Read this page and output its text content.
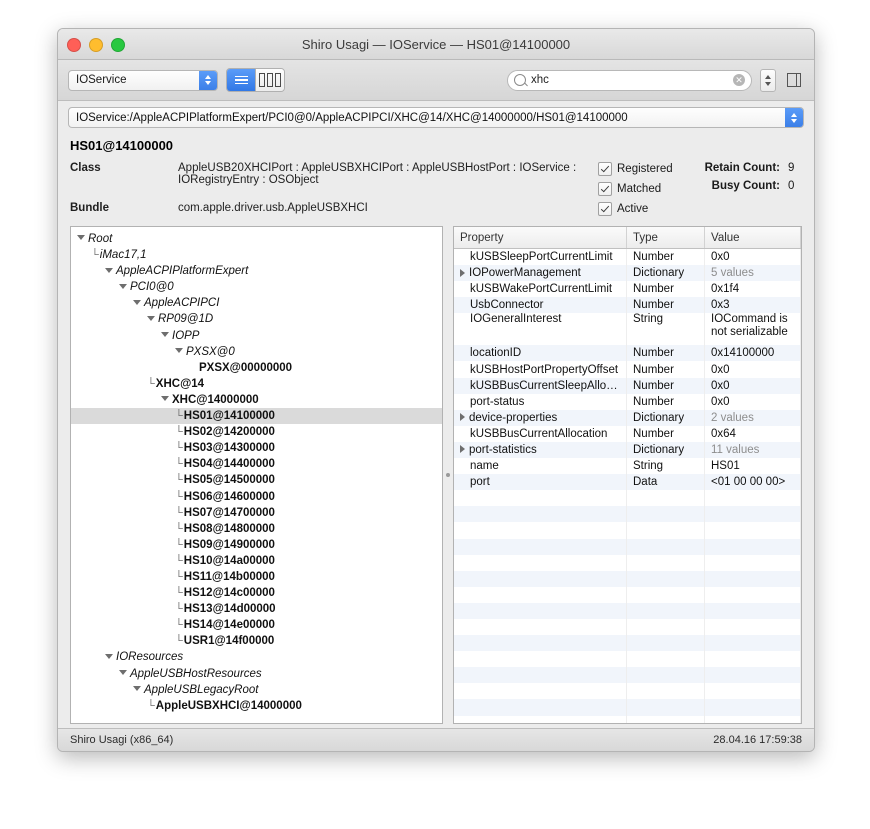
Shiro Usagi — IOService — HS01@14100000
IOService	xhc	✕
IOService:/AppleACPIPlatformExpert/PCI0@0/AppleACPIPCI/XHC@14/XHC@14000000/HS01@14100000
HS01@14100000
Class	AppleUSB20XHCIPort : AppleUSBXHCIPort : AppleUSBHostPort : IOService :
IORegistryEntry : OSObject
Registered
Matched
Retain Count: 9
Busy Count: 0
Bundle	com.apple.driver.usb.AppleUSBXHCI	Active
Root
└iMac17,1
AppleACPIPlatformExpert
PCI0@0
AppleACPIPCI
RP09@1D
IOPP
PXSX@0
PXSX@00000000
└XHC@14
XHC@14000000
└HS01@14100000
└HS02@14200000
└HS03@14300000
└HS04@14400000
└HS05@14500000
└HS06@14600000
└HS07@14700000
└HS08@14800000
└HS09@14900000
└HS10@14a00000
└HS11@14b00000
└HS12@14c00000
└HS13@14d00000
└HS14@14e00000
└USR1@14f00000
IOResources
AppleUSBHostResources
AppleUSBLegacyRoot
└AppleUSBXHCI@14000000
Property	Type	Value
kUSBSleepPortCurrentLimit	Number	0x0
IOPowerManagement	Dictionary	5 values
kUSBWakePortCurrentLimit	Number	0x1f4
UsbConnector	Number	0x3
IOGeneralInterest	String	IOCommand is not serializable
locationID	Number	0x14100000
kUSBHostPortPropertyOffset	Number	0x0
kUSBBusCurrentSleepAllo…	Number	0x0
port-status	Number	0x0
device-properties	Dictionary	2 values
kUSBBusCurrentAllocation	Number	0x64
port-statistics	Dictionary	11 values
name	String	HS01
port	Data	<01 00 00 00>

Shiro Usagi (x86_64)	28.04.16 17:59:38
